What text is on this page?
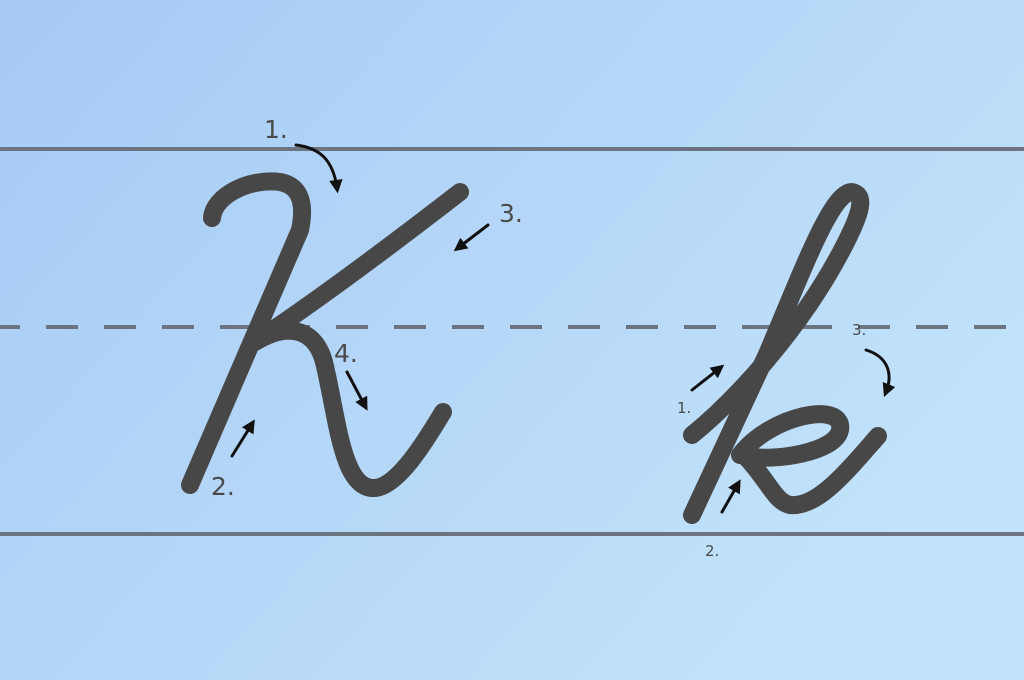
1.
2.
3.
4.
1.
2.
3.
